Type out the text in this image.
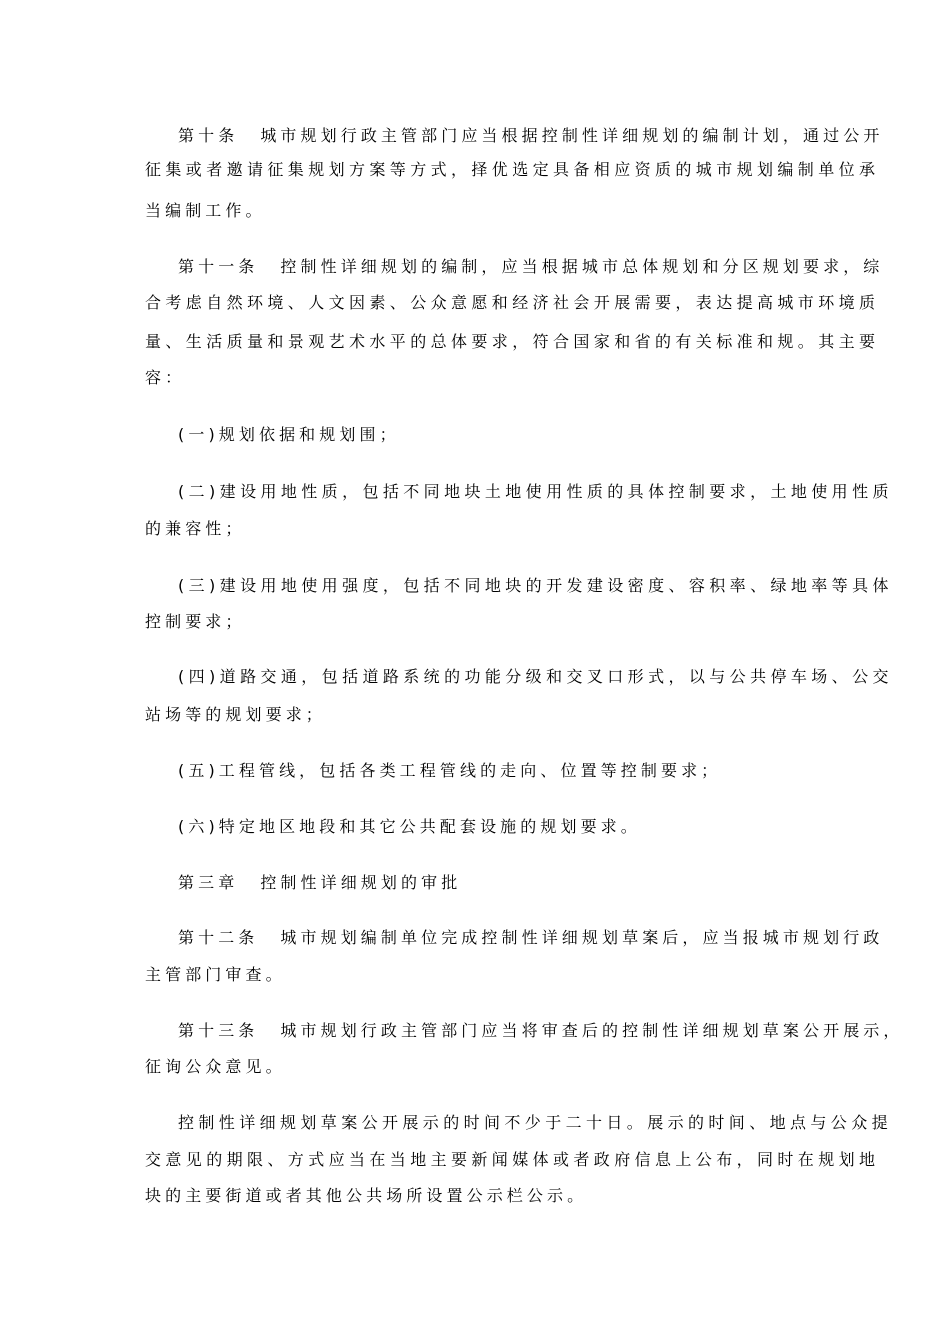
第十条 城市规划行政主管部门应当根据控制性详细规划的编制计划，通过公开
征集或者邀请征集规划方案等方式，择优选定具备相应资质的城市规划编制单位承
当编制工作。
第十一条 控制性详细规划的编制，应当根据城市总体规划和分区规划要求，综
合考虑自然环境、人文因素、公众意愿和经济社会开展需要，表达提高城市环境质
量、生活质量和景观艺术水平的总体要求，符合国家和省的有关标准和规。其主要
容：
(一)规划依据和规划围；
(二)建设用地性质，包括不同地块土地使用性质的具体控制要求，土地使用性质
的兼容性；
(三)建设用地使用强度，包括不同地块的开发建设密度、容积率、绿地率等具体
控制要求；
(四)道路交通，包括道路系统的功能分级和交叉口形式，以与公共停车场、公交
站场等的规划要求；
(五)工程管线，包括各类工程管线的走向、位置等控制要求；
(六)特定地区地段和其它公共配套设施的规划要求。
第三章 控制性详细规划的审批
第十二条 城市规划编制单位完成控制性详细规划草案后，应当报城市规划行政
主管部门审查。
第十三条 城市规划行政主管部门应当将审查后的控制性详细规划草案公开展示，
征询公众意见。
控制性详细规划草案公开展示的时间不少于二十日。展示的时间、地点与公众提
交意见的期限、方式应当在当地主要新闻媒体或者政府信息上公布，同时在规划地
块的主要街道或者其他公共场所设置公示栏公示。
